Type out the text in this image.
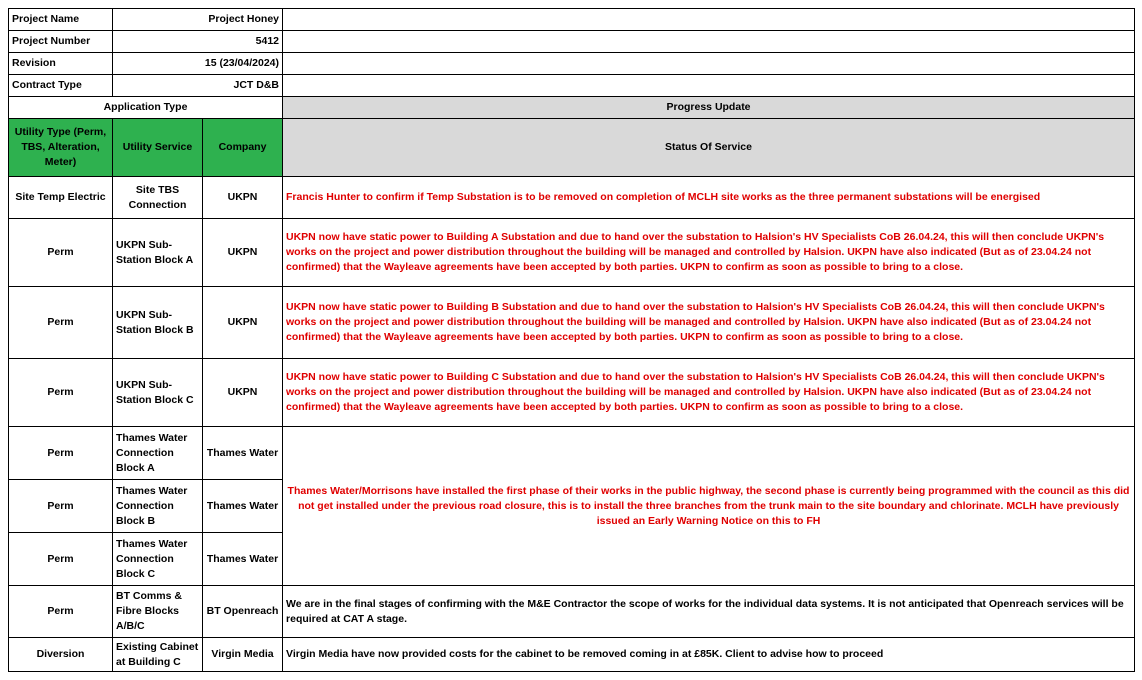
Project Name	Project Honey		
Project Number	5412		
Revision	15 (23/04/2024)		
Contract Type	JCT D&B		
Application Type			Progress Update
Utility Type (Perm, TBS, Alteration, Meter)	Utility Service	Company	Status Of Service
Site Temp Electric	Site TBS Connection	UKPN	Francis Hunter to confirm if Temp Substation is to be removed on completion of MCLH site works as the three permanent substations will be energised
Perm	UKPN Sub-Station Block A	UKPN	UKPN now have static power to Building A Substation and due to hand over the substation to Halsion's HV Specialists CoB 26.04.24, this will then conclude UKPN's works on the project and power distribution throughout the building will be managed and controlled by Halsion. UKPN have also indicated (But as of 23.04.24 not confirmed) that the Wayleave agreements have been accepted by both parties. UKPN to confirm as soon as possible to bring to a close.
Perm	UKPN Sub-Station Block B	UKPN	UKPN now have static power to Building B Substation and due to hand over the substation to Halsion's HV Specialists CoB 26.04.24, this will then conclude UKPN's works on the project and power distribution throughout the building will be managed and controlled by Halsion. UKPN have also indicated (But as of 23.04.24 not confirmed) that the Wayleave agreements have been accepted by both parties. UKPN to confirm as soon as possible to bring to a close.
Perm	UKPN Sub-Station Block C	UKPN	UKPN now have static power to Building C Substation and due to hand over the substation to Halsion's HV Specialists CoB 26.04.24, this will then conclude UKPN's works on the project and power distribution throughout the building will be managed and controlled by Halsion. UKPN have also indicated (But as of 23.04.24 not confirmed) that the Wayleave agreements have been accepted by both parties. UKPN to confirm as soon as possible to bring to a close.
Perm	Thames Water Connection Block A	Thames Water	Thames Water/Morrisons have installed the first phase of their works in the public highway, the second phase is currently being programmed with the council as this did not get installed under the previous road closure, this is to install the three branches from the trunk main to the site boundary and chlorinate. MCLH have previously issued an Early Warning Notice on this to FH
Perm	Thames Water Connection Block B	Thames Water	
Perm	Thames Water Connection Block C	Thames Water	
Perm	BT Comms & Fibre Blocks A/B/C	BT Openreach	We are in the final stages of confirming with the M&E Contractor the scope of works for the individual data systems. It is not anticipated that Openreach services will be required at CAT A stage.
Diversion	Existing Cabinet at Building C	Virgin Media	Virgin Media have now provided costs for the cabinet to be removed coming in at £85K. Client to advise how to proceed
